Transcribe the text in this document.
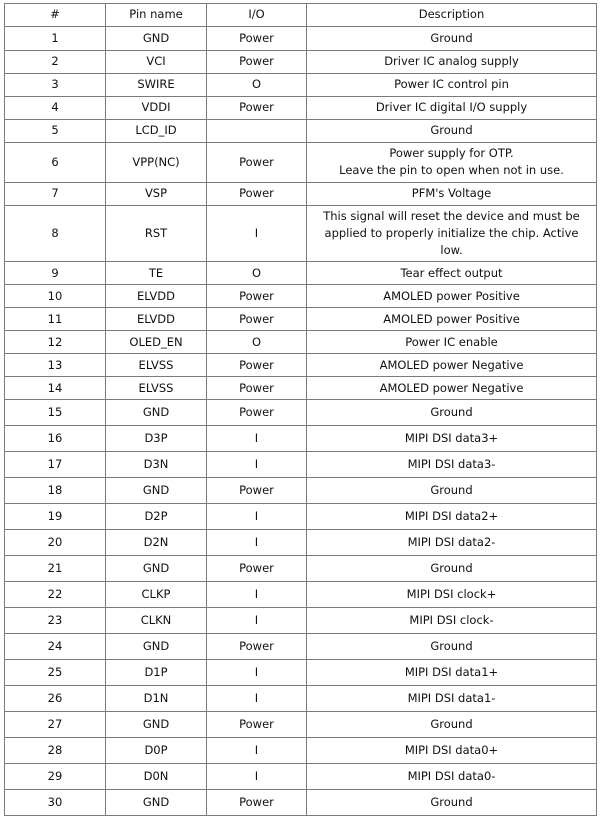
#	Pin name	I/O	Description
1	GND	Power	Ground
2	VCI	Power	Driver IC analog supply
3	SWIRE	O	Power IC control pin
4	VDDI	Power	Driver IC digital I/O supply
5	LCD_ID		Ground
6	VPP(NC)	Power	Power supply for OTP.
Leave the pin to open when not in use.
7	VSP	Power	PFM's Voltage
8	RST	I	This signal will reset the device and must be applied to properly initialize the chip. Active low.
9	TE	O	Tear effect output
10	ELVDD	Power	AMOLED power Positive
11	ELVDD	Power	AMOLED power Positive
12	OLED_EN	O	Power IC enable
13	ELVSS	Power	AMOLED power Negative
14	ELVSS	Power	AMOLED power Negative
15	GND	Power	Ground
16	D3P	I	MIPI DSI data3+
17	D3N	I	MIPI DSI data3-
18	GND	Power	Ground
19	D2P	I	MIPI DSI data2+
20	D2N	I	MIPI DSI data2-
21	GND	Power	Ground
22	CLKP	I	MIPI DSI clock+
23	CLKN	I	MIPI DSI clock-
24	GND	Power	Ground
25	D1P	I	MIPI DSI data1+
26	D1N	I	MIPI DSI data1-
27	GND	Power	Ground
28	D0P	I	MIPI DSI data0+
29	D0N	I	MIPI DSI data0-
30	GND	Power	Ground
